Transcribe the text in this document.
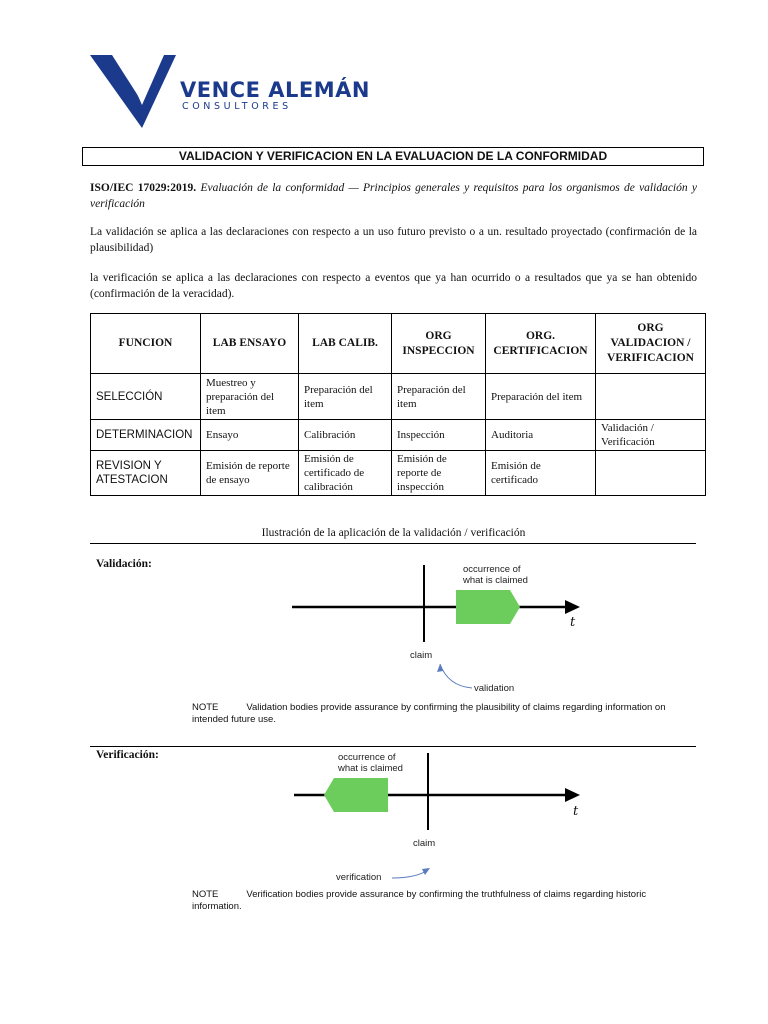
VENCE ALEMÁN
CONSULTORES
VALIDACION Y VERIFICACION EN LA EVALUACION DE LA CONFORMIDAD
ISO/IEC 17029:2019. Evaluación de la conformidad — Principios generales y requisitos para los organismos de validación y verificación
La validación se aplica a las declaraciones con respecto a un uso futuro previsto o a un. resultado proyectado (confirmación de la plausibilidad)
la verificación se aplica a las declaraciones con respecto a eventos que ya han ocurrido o a resultados que ya se han obtenido (confirmación de la veracidad).
FUNCION	LAB ENSAYO	LAB CALIB.	ORG INSPECCION	ORG. CERTIFICACION	ORG VALIDACION / VERIFICACION
SELECCIÓN	Muestreo y preparación del item	Preparación del item	Preparación del item	Preparación del item	
DETERMINACION	Ensayo	Calibración	Inspección	Auditoria	Validación / Verificación
REVISION Y ATESTACION	Emisión de reporte de ensayo	Emisión de certificado de calibración	Emisión de reporte de inspección	Emisión de certificado	
Ilustración de la aplicación de la validación / verificación
Validación:	occurrence of what is claimed
t
claim
validation
NOTE	Validation bodies provide assurance by confirming the plausibility of claims regarding information on intended future use.
Verificación:	occurrence of what is claimed
t
claim
verification
NOTE	Verification bodies provide assurance by confirming the truthfulness of claims regarding historic information.
